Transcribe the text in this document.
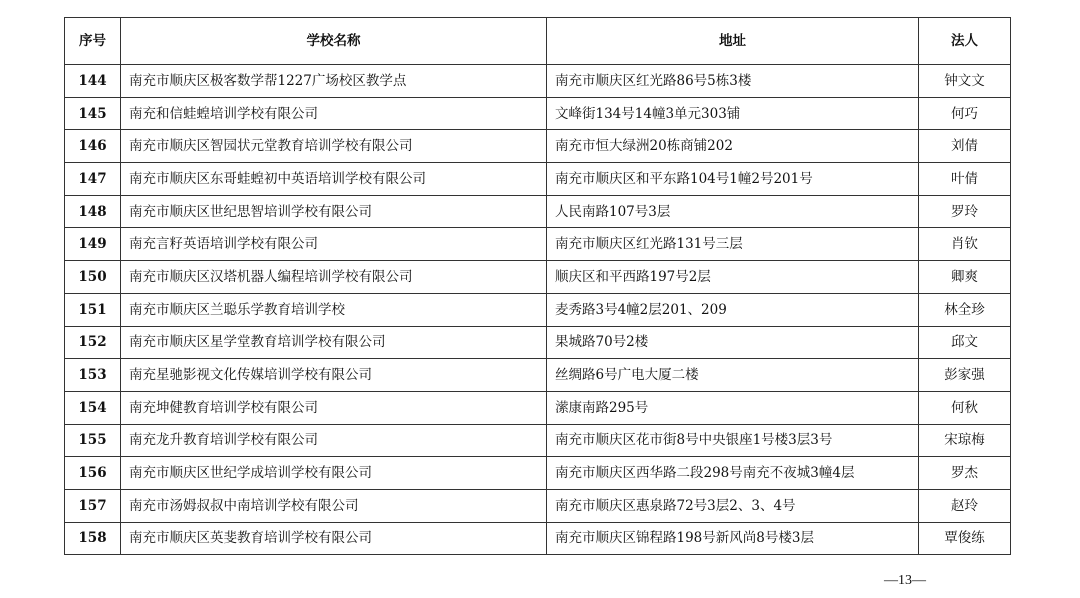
序号	学校名称	地址	法人
144	南充市顺庆区极客数学帮1227广场校区教学点	南充市顺庆区红光路86号5栋3楼	钟文文
145	南充和信蛙蝗培训学校有限公司	文峰街134号14幢3单元303铺	何巧
146	南充市顺庆区智园状元堂教育培训学校有限公司	南充市恒大绿洲20栋商铺202	刘倩
147	南充市顺庆区东哥蛙蝗初中英语培训学校有限公司	南充市顺庆区和平东路104号1幢2号201号	叶倩
148	南充市顺庆区世纪思智培训学校有限公司	人民南路107号3层	罗玲
149	南充言籽英语培训学校有限公司	南充市顺庆区红光路131号三层	肖钦
150	南充市顺庆区汉塔机器人编程培训学校有限公司	顺庆区和平西路197号2层	卿爽
151	南充市顺庆区兰聪乐学教育培训学校	麦秀路3号4幢2层201、209	林全珍
152	南充市顺庆区星学堂教育培训学校有限公司	果城路70号2楼	邱文
153	南充星驰影视文化传媒培训学校有限公司	丝绸路6号广电大厦二楼	彭家强
154	南充坤健教育培训学校有限公司	潆康南路295号	何秋
155	南充龙升教育培训学校有限公司	南充市顺庆区花市街8号中央银座1号楼3层3号	宋琼梅
156	南充市顺庆区世纪学成培训学校有限公司	南充市顺庆区西华路二段298号南充不夜城3幢4层	罗杰
157	南充市汤姆叔叔中南培训学校有限公司	南充市顺庆区惠泉路72号3层2、3、4号	赵玲
158	南充市顺庆区英斐教育培训学校有限公司	南充市顺庆区锦程路198号新风尚8号楼3层	覃俊练
—13—
